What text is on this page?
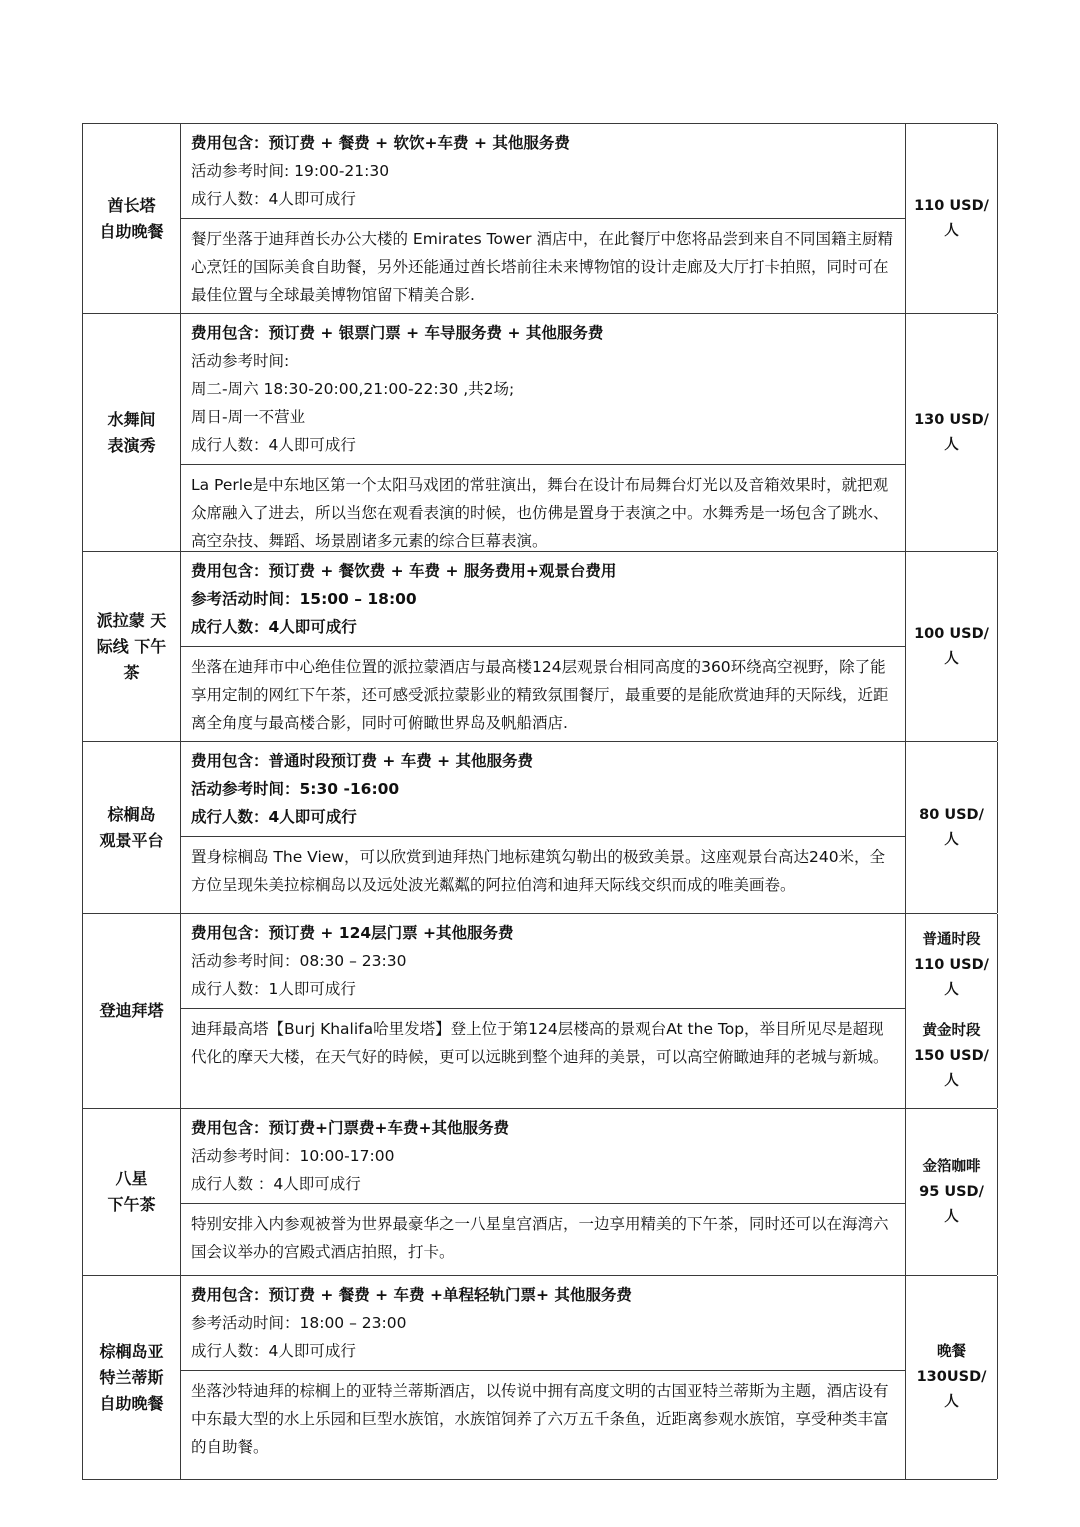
酋长塔
自助晚餐
费用包含：预订费 + 餐费 + 软饮+车费 + 其他服务费
活动参考时间: 19:00-21:30
成行人数：4人即可成行
餐厅坐落于迪拜酋长办公大楼的 Emirates Tower 酒店中，在此餐厅中您将品尝到来自不同国籍主厨精心烹饪的国际美食自助餐，另外还能通过酋长塔前往未来博物馆的设计走廊及大厅打卡拍照，同时可在最佳位置与全球最美博物馆留下精美合影.
110 USD/
人
水舞间
表演秀
费用包含：预订费 + 银票门票 + 车导服务费 + 其他服务费
活动参考时间:
周二-周六 18:30-20:00,21:00-22:30 ,共2场;
周日-周一不营业
成行人数：4人即可成行
La Perle是中东地区第一个太阳马戏团的常驻演出，舞台在设计布局舞台灯光以及音箱效果时，就把观众席融入了进去，所以当您在观看表演的时候，也仿佛是置身于表演之中。水舞秀是一场包含了跳水、高空杂技、舞蹈、场景剧诸多元素的综合巨幕表演。
130 USD/
人
派拉蒙 天
际线 下午
茶
费用包含：预订费 + 餐饮费 + 车费 + 服务费用+观景台费用
参考活动时间：15:00 – 18:00
成行人数：4人即可成行
坐落在迪拜市中心绝佳位置的派拉蒙酒店与最高楼124层观景台相同高度的360环绕高空视野，除了能享用定制的网红下午茶，还可感受派拉蒙影业的精致氛围餐厅，最重要的是能欣赏迪拜的天际线，近距离全角度与最高楼合影，同时可俯瞰世界岛及帆船酒店.
100 USD/
人
棕榈岛
观景平台
费用包含：普通时段预订费 + 车费 + 其他服务费
活动参考时间：5:30 -16:00
成行人数：4人即可成行
置身棕榈岛 The View，可以欣赏到迪拜热门地标建筑勾勒出的极致美景。这座观景台高达240米，全方位呈现朱美拉棕榈岛以及远处波光粼粼的阿拉伯湾和迪拜天际线交织而成的唯美画卷。
80 USD/
人
登迪拜塔
费用包含：预订费 + 124层门票 +其他服务费
活动参考时间：08:30 – 23:30
成行人数：1人即可成行
迪拜最高塔【Burj Khalifa哈里发塔】登上位于第124层楼高的景观台At the Top，举目所见尽是超现代化的摩天大楼，在天气好的時候，更可以远眺到整个迪拜的美景，可以高空俯瞰迪拜的老城与新城。
普通时段
110 USD/
人
黄金时段
150 USD/
人
八星
下午茶
费用包含：预订费+门票费+车费+其他服务费
活动参考时间：10:00-17:00
成行人数 ：4人即可成行
特别安排入内参观被誉为世界最豪华之一八星皇宫酒店，一边享用精美的下午茶，同时还可以在海湾六国会议举办的宫殿式酒店拍照，打卡。
金箔咖啡
95 USD/
人
棕榈岛亚
特兰蒂斯
自助晚餐
费用包含：预订费 + 餐费 + 车费 +单程轻轨门票+ 其他服务费
参考活动时间：18:00 – 23:00
成行人数：4人即可成行
坐落沙特迪拜的棕榈上的亚特兰蒂斯酒店，以传说中拥有高度文明的古国亚特兰蒂斯为主题，酒店设有中东最大型的水上乐园和巨型水族馆，水族馆饲养了六万五千条鱼，近距离参观水族馆，享受种类丰富的自助餐。
晚餐
130USD/
人
